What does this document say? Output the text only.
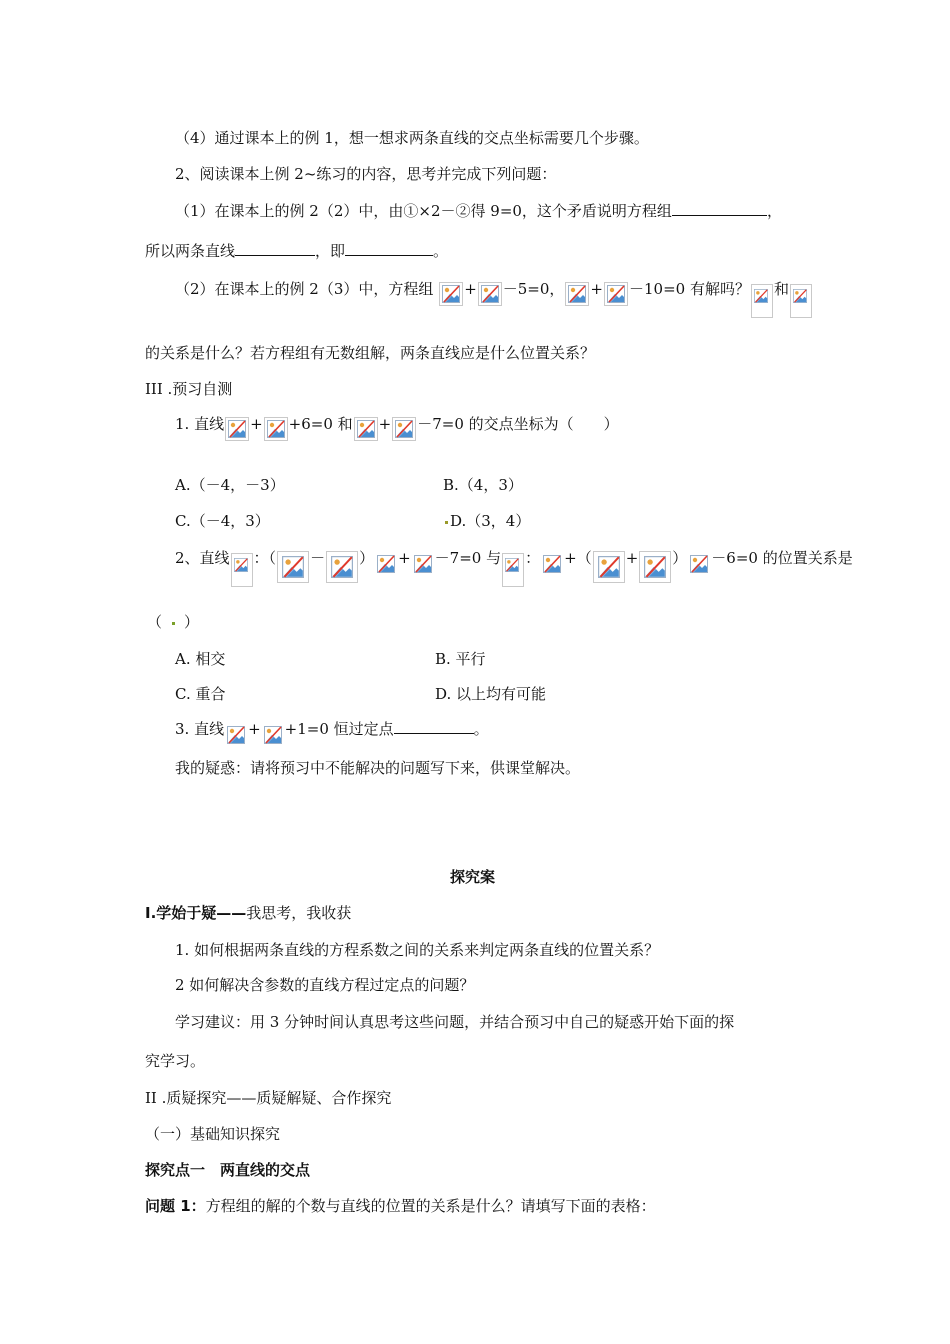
（4）通过课本上的例 1，想一想求两条直线的交点坐标需要几个步骤。
2、阅读课本上例 2~练习的内容，思考并完成下列问题：
（1）在课本上的例 2（2）中，由①×2－②得 9=0，这个矛盾说明方程组	，
所以两条直线	，即	。
（2）在课本上的例 2（3）中，方程组 + －5=0， + －10=0 有解吗？ 和
的关系是什么？若方程组有无数组解，两条直线应是什么位置关系？
III .预习自测
1. 直线 + +6=0 和 + －7=0 的交点坐标为（　　）
A.（－4，－3）	B.（4，3）
C.（－4，3）	D.（3，4）
2、直线 ：（ － ） + －7=0 与 ： +（ + ） －6=0 的位置关系是
（ ）
A. 相交	B. 平行
C. 重合	D. 以上均有可能
3. 直线 + +1=0 恒过定点	。
我的疑惑：请将预习中不能解决的问题写下来，供课堂解决。
探究案
I.学始于疑——我思考，我收获
1. 如何根据两条直线的方程系数之间的关系来判定两条直线的位置关系？
2 如何解决含参数的直线方程过定点的问题？
学习建议：用 3 分钟时间认真思考这些问题，并结合预习中自己的疑惑开始下面的探
究学习。
II .质疑探究——质疑解疑、合作探究
（一）基础知识探究
探究点一　两直线的交点
问题 1：方程组的解的个数与直线的位置的关系是什么？请填写下面的表格：
